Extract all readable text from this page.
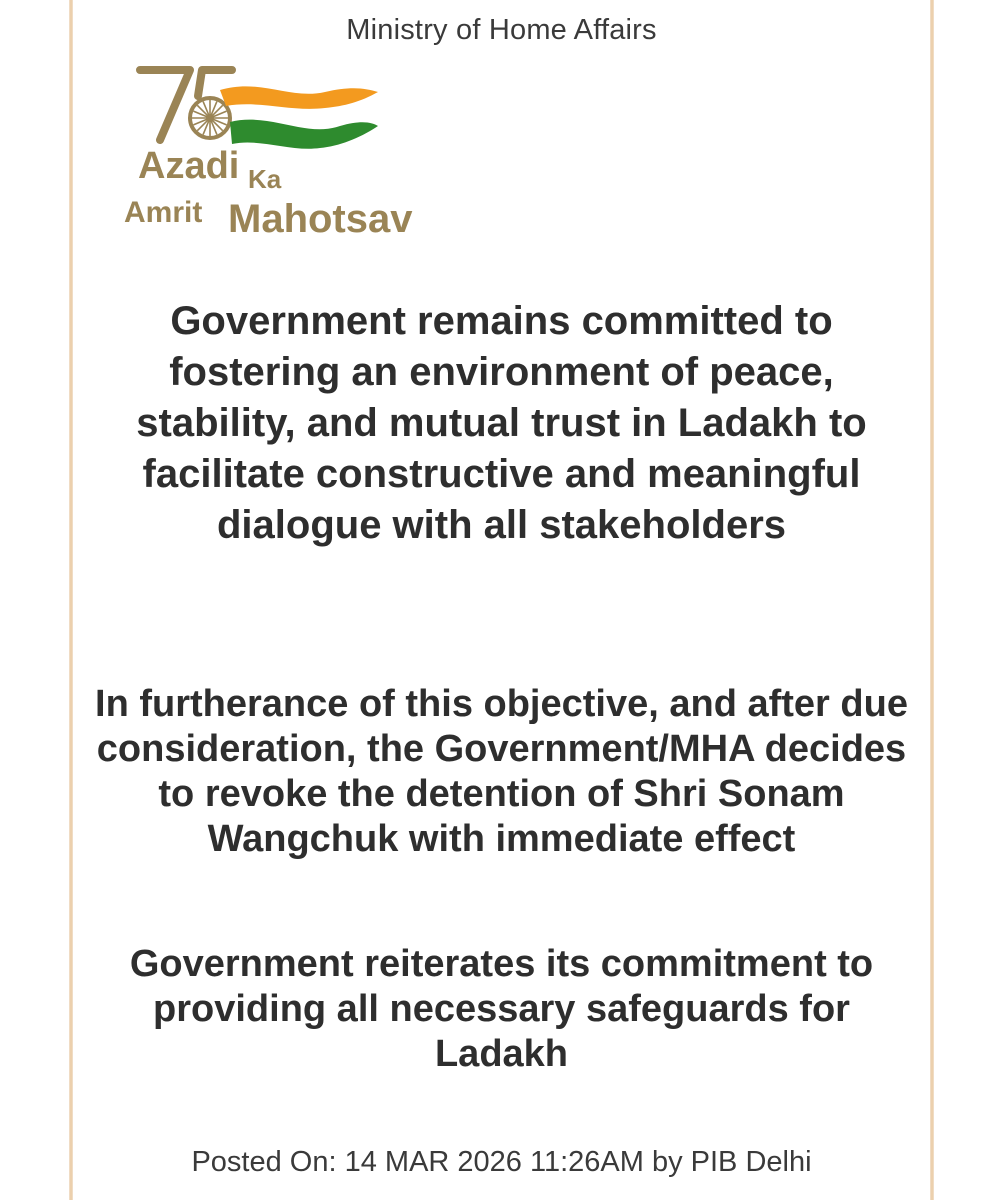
Ministry of Home Affairs
Azadi Ka
Amrit Mahotsav
Government remains committed to fostering an environment of peace, stability, and mutual trust in Ladakh to facilitate constructive and meaningful dialogue with all stakeholders
In furtherance of this objective, and after due consideration, the Government/MHA decides to revoke the detention of Shri Sonam Wangchuk with immediate effect
Government reiterates its commitment to providing all necessary safeguards for Ladakh
Posted On: 14 MAR 2026 11:26AM by PIB Delhi
